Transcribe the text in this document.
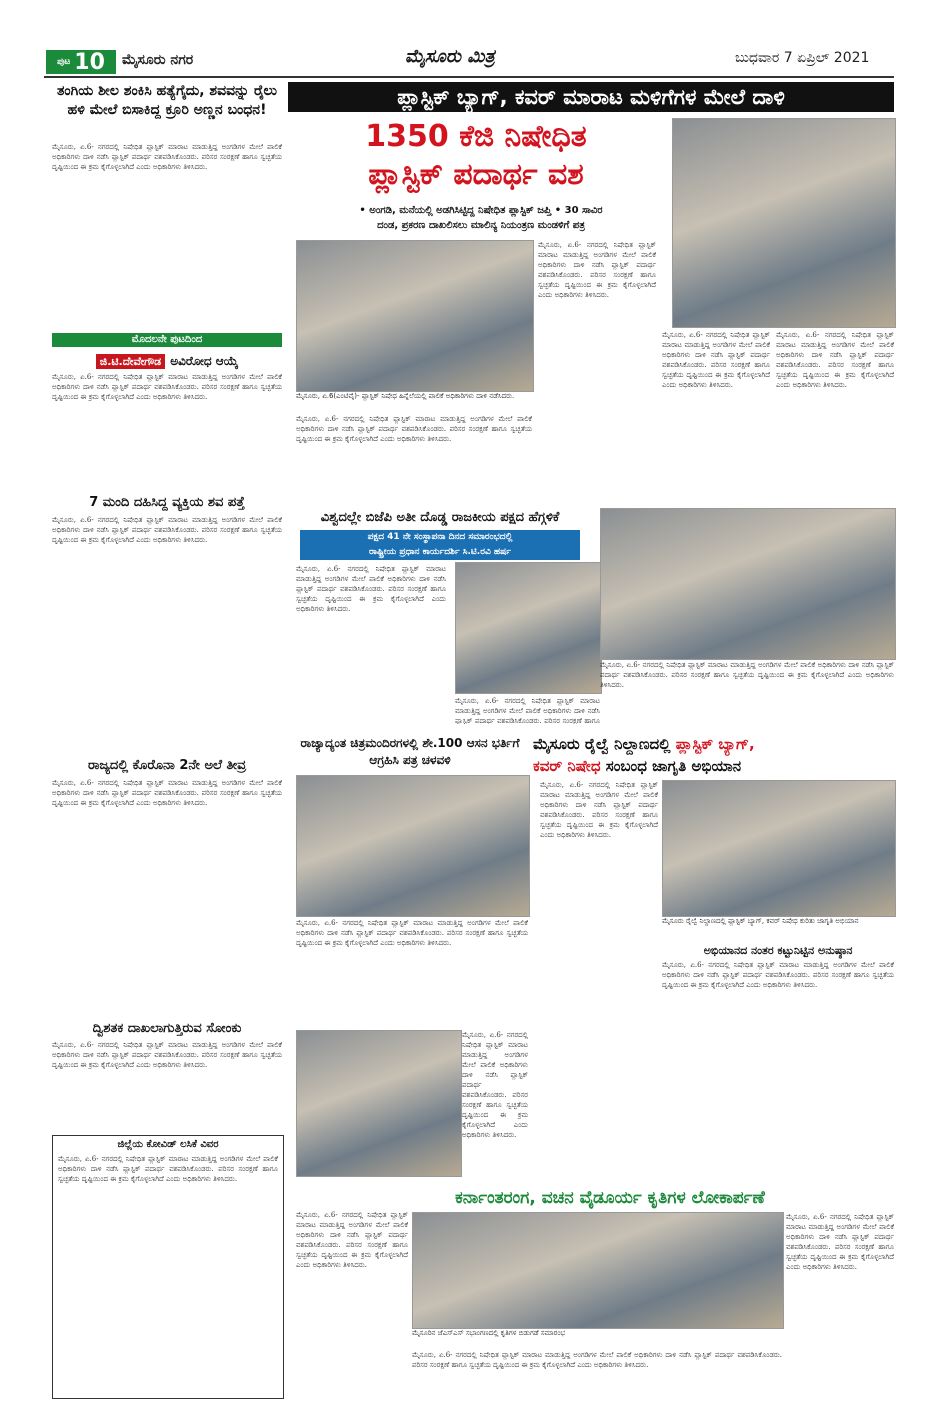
ಪುಟ 10 ಮೈಸೂರು ನಗರ	ಮೈಸೂರು ಮಿತ್ರ	ಬುಧವಾರ 7 ಏಪ್ರಿಲ್ 2021
ತಂಗಿಯ ಶೀಲ ಶಂಕಿಸಿ ಹತ್ಯೆಗೈದು, ಶವವನ್ನು ರೈಲು ಹಳಿ ಮೇಲೆ ಬಿಸಾಕಿದ್ದ ಕ್ರೂರಿ ಅಣ್ಣನ ಬಂಧನ!
ಮೈಸೂರು, ಏ.6- ನಗರದಲ್ಲಿ ನಿಷೇಧಿತ ಪ್ಲಾಸ್ಟಿಕ್ ಮಾರಾಟ ಮಾಡುತ್ತಿದ್ದ ಅಂಗಡಿಗಳ ಮೇಲೆ ಪಾಲಿಕೆ ಅಧಿಕಾರಿಗಳು ದಾಳಿ ನಡೆಸಿ ಪ್ಲಾಸ್ಟಿಕ್ ಪದಾರ್ಥ ವಶಪಡಿಸಿಕೊಂಡರು. ಪರಿಸರ ಸಂರಕ್ಷಣೆ ಹಾಗೂ ಸ್ವಚ್ಛತೆಯ ದೃಷ್ಟಿಯಿಂದ ಈ ಕ್ರಮ ಕೈಗೊಳ್ಳಲಾಗಿದೆ ಎಂದು ಅಧಿಕಾರಿಗಳು ತಿಳಿಸಿದರು.
ಮೊದಲನೇ ಪುಟದಿಂದ
ಜಿ.ಟಿ.ದೇವೇಗೌಡ ಅವಿರೋಧ ಆಯ್ಕೆ
ಮೈಸೂರು, ಏ.6- ನಗರದಲ್ಲಿ ನಿಷೇಧಿತ ಪ್ಲಾಸ್ಟಿಕ್ ಮಾರಾಟ ಮಾಡುತ್ತಿದ್ದ ಅಂಗಡಿಗಳ ಮೇಲೆ ಪಾಲಿಕೆ ಅಧಿಕಾರಿಗಳು ದಾಳಿ ನಡೆಸಿ ಪ್ಲಾಸ್ಟಿಕ್ ಪದಾರ್ಥ ವಶಪಡಿಸಿಕೊಂಡರು. ಪರಿಸರ ಸಂರಕ್ಷಣೆ ಹಾಗೂ ಸ್ವಚ್ಛತೆಯ ದೃಷ್ಟಿಯಿಂದ ಈ ಕ್ರಮ ಕೈಗೊಳ್ಳಲಾಗಿದೆ ಎಂದು ಅಧಿಕಾರಿಗಳು ತಿಳಿಸಿದರು.
7 ಮಂದಿ ದಹಿಸಿದ್ದ ವ್ಯಕ್ತಿಯ ಶವ ಪತ್ತೆ
ಮೈಸೂರು, ಏ.6- ನಗರದಲ್ಲಿ ನಿಷೇಧಿತ ಪ್ಲಾಸ್ಟಿಕ್ ಮಾರಾಟ ಮಾಡುತ್ತಿದ್ದ ಅಂಗಡಿಗಳ ಮೇಲೆ ಪಾಲಿಕೆ ಅಧಿಕಾರಿಗಳು ದಾಳಿ ನಡೆಸಿ ಪ್ಲಾಸ್ಟಿಕ್ ಪದಾರ್ಥ ವಶಪಡಿಸಿಕೊಂಡರು. ಪರಿಸರ ಸಂರಕ್ಷಣೆ ಹಾಗೂ ಸ್ವಚ್ಛತೆಯ ದೃಷ್ಟಿಯಿಂದ ಈ ಕ್ರಮ ಕೈಗೊಳ್ಳಲಾಗಿದೆ ಎಂದು ಅಧಿಕಾರಿಗಳು ತಿಳಿಸಿದರು.
ರಾಜ್ಯದಲ್ಲಿ ಕೊರೊನಾ 2ನೇ ಅಲೆ ತೀವ್ರ
ಮೈಸೂರು, ಏ.6- ನಗರದಲ್ಲಿ ನಿಷೇಧಿತ ಪ್ಲಾಸ್ಟಿಕ್ ಮಾರಾಟ ಮಾಡುತ್ತಿದ್ದ ಅಂಗಡಿಗಳ ಮೇಲೆ ಪಾಲಿಕೆ ಅಧಿಕಾರಿಗಳು ದಾಳಿ ನಡೆಸಿ ಪ್ಲಾಸ್ಟಿಕ್ ಪದಾರ್ಥ ವಶಪಡಿಸಿಕೊಂಡರು. ಪರಿಸರ ಸಂರಕ್ಷಣೆ ಹಾಗೂ ಸ್ವಚ್ಛತೆಯ ದೃಷ್ಟಿಯಿಂದ ಈ ಕ್ರಮ ಕೈಗೊಳ್ಳಲಾಗಿದೆ ಎಂದು ಅಧಿಕಾರಿಗಳು ತಿಳಿಸಿದರು.
ದ್ವಿಶತಕ ದಾಖಲಾಗುತ್ತಿರುವ ಸೋಂಕು
ಮೈಸೂರು, ಏ.6- ನಗರದಲ್ಲಿ ನಿಷೇಧಿತ ಪ್ಲಾಸ್ಟಿಕ್ ಮಾರಾಟ ಮಾಡುತ್ತಿದ್ದ ಅಂಗಡಿಗಳ ಮೇಲೆ ಪಾಲಿಕೆ ಅಧಿಕಾರಿಗಳು ದಾಳಿ ನಡೆಸಿ ಪ್ಲಾಸ್ಟಿಕ್ ಪದಾರ್ಥ ವಶಪಡಿಸಿಕೊಂಡರು. ಪರಿಸರ ಸಂರಕ್ಷಣೆ ಹಾಗೂ ಸ್ವಚ್ಛತೆಯ ದೃಷ್ಟಿಯಿಂದ ಈ ಕ್ರಮ ಕೈಗೊಳ್ಳಲಾಗಿದೆ ಎಂದು ಅಧಿಕಾರಿಗಳು ತಿಳಿಸಿದರು.
ಜಿಲ್ಲೆಯ ಕೋವಿಡ್ ಲಸಿಕೆ ವಿವರ
ಮೈಸೂರು, ಏ.6- ನಗರದಲ್ಲಿ ನಿಷೇಧಿತ ಪ್ಲಾಸ್ಟಿಕ್ ಮಾರಾಟ ಮಾಡುತ್ತಿದ್ದ ಅಂಗಡಿಗಳ ಮೇಲೆ ಪಾಲಿಕೆ ಅಧಿಕಾರಿಗಳು ದಾಳಿ ನಡೆಸಿ ಪ್ಲಾಸ್ಟಿಕ್ ಪದಾರ್ಥ ವಶಪಡಿಸಿಕೊಂಡರು. ಪರಿಸರ ಸಂರಕ್ಷಣೆ ಹಾಗೂ ಸ್ವಚ್ಛತೆಯ ದೃಷ್ಟಿಯಿಂದ ಈ ಕ್ರಮ ಕೈಗೊಳ್ಳಲಾಗಿದೆ ಎಂದು ಅಧಿಕಾರಿಗಳು ತಿಳಿಸಿದರು.
ಪ್ಲಾಸ್ಟಿಕ್ ಬ್ಯಾಗ್, ಕವರ್ ಮಾರಾಟ ಮಳಿಗೆಗಳ ಮೇಲೆ ದಾಳಿ
1350 ಕೆಜಿ ನಿಷೇಧಿತ
ಪ್ಲಾಸ್ಟಿಕ್ ಪದಾರ್ಥ ವಶ
• ಅಂಗಡಿ, ಮನೆಯಲ್ಲಿ ಅಡಗಿಸಿಟ್ಟಿದ್ದ ನಿಷೇಧಿತ ಪ್ಲಾಸ್ಟಿಕ್ ಜಪ್ತಿ • 30 ಸಾವಿರ
ದಂಡ, ಪ್ರಕರಣ ದಾಖಲಿಸಲು ಮಾಲಿನ್ಯ ನಿಯಂತ್ರಣ ಮಂಡಳಿಗೆ ಪತ್ರ
ಮೈಸೂರು, ಏ.6(ಎಂಟಿವೈ)- ಪ್ಲಾಸ್ಟಿಕ್ ನಿಷೇಧ ಹಿನ್ನೆಲೆಯಲ್ಲಿ ಪಾಲಿಕೆ ಅಧಿಕಾರಿಗಳು ದಾಳಿ ನಡೆಸಿದರು.
ಮೈಸೂರು, ಏ.6- ನಗರದಲ್ಲಿ ನಿಷೇಧಿತ ಪ್ಲಾಸ್ಟಿಕ್ ಮಾರಾಟ ಮಾಡುತ್ತಿದ್ದ ಅಂಗಡಿಗಳ ಮೇಲೆ ಪಾಲಿಕೆ ಅಧಿಕಾರಿಗಳು ದಾಳಿ ನಡೆಸಿ ಪ್ಲಾಸ್ಟಿಕ್ ಪದಾರ್ಥ ವಶಪಡಿಸಿಕೊಂಡರು. ಪರಿಸರ ಸಂರಕ್ಷಣೆ ಹಾಗೂ ಸ್ವಚ್ಛತೆಯ ದೃಷ್ಟಿಯಿಂದ ಈ ಕ್ರಮ ಕೈಗೊಳ್ಳಲಾಗಿದೆ ಎಂದು ಅಧಿಕಾರಿಗಳು ತಿಳಿಸಿದರು.
ಮೈಸೂರು, ಏ.6- ನಗರದಲ್ಲಿ ನಿಷೇಧಿತ ಪ್ಲಾಸ್ಟಿಕ್ ಮಾರಾಟ ಮಾಡುತ್ತಿದ್ದ ಅಂಗಡಿಗಳ ಮೇಲೆ ಪಾಲಿಕೆ ಅಧಿಕಾರಿಗಳು ದಾಳಿ ನಡೆಸಿ ಪ್ಲಾಸ್ಟಿಕ್ ಪದಾರ್ಥ ವಶಪಡಿಸಿಕೊಂಡರು. ಪರಿಸರ ಸಂರಕ್ಷಣೆ ಹಾಗೂ ಸ್ವಚ್ಛತೆಯ ದೃಷ್ಟಿಯಿಂದ ಈ ಕ್ರಮ ಕೈಗೊಳ್ಳಲಾಗಿದೆ ಎಂದು ಅಧಿಕಾರಿಗಳು ತಿಳಿಸಿದರು.
ಮೈಸೂರು, ಏ.6- ನಗರದಲ್ಲಿ ನಿಷೇಧಿತ ಪ್ಲಾಸ್ಟಿಕ್ ಮಾರಾಟ ಮಾಡುತ್ತಿದ್ದ ಅಂಗಡಿಗಳ ಮೇಲೆ ಪಾಲಿಕೆ ಅಧಿಕಾರಿಗಳು ದಾಳಿ ನಡೆಸಿ ಪ್ಲಾಸ್ಟಿಕ್ ಪದಾರ್ಥ ವಶಪಡಿಸಿಕೊಂಡರು. ಪರಿಸರ ಸಂರಕ್ಷಣೆ ಹಾಗೂ ಸ್ವಚ್ಛತೆಯ ದೃಷ್ಟಿಯಿಂದ ಈ ಕ್ರಮ ಕೈಗೊಳ್ಳಲಾಗಿದೆ ಎಂದು ಅಧಿಕಾರಿಗಳು ತಿಳಿಸಿದರು.
ಮೈಸೂರು, ಏ.6- ನಗರದಲ್ಲಿ ನಿಷೇಧಿತ ಪ್ಲಾಸ್ಟಿಕ್ ಮಾರಾಟ ಮಾಡುತ್ತಿದ್ದ ಅಂಗಡಿಗಳ ಮೇಲೆ ಪಾಲಿಕೆ ಅಧಿಕಾರಿಗಳು ದಾಳಿ ನಡೆಸಿ ಪ್ಲಾಸ್ಟಿಕ್ ಪದಾರ್ಥ ವಶಪಡಿಸಿಕೊಂಡರು. ಪರಿಸರ ಸಂರಕ್ಷಣೆ ಹಾಗೂ ಸ್ವಚ್ಛತೆಯ ದೃಷ್ಟಿಯಿಂದ ಈ ಕ್ರಮ ಕೈಗೊಳ್ಳಲಾಗಿದೆ ಎಂದು ಅಧಿಕಾರಿಗಳು ತಿಳಿಸಿದರು.
ವಿಶ್ವದಲ್ಲೇ ಬಿಜೆಪಿ ಅತೀ ದೊಡ್ಡ ರಾಜಕೀಯ ಪಕ್ಷದ ಹೆಗ್ಗಳಿಕೆ
ಪಕ್ಷದ 41 ನೇ ಸಂಸ್ಥಾಪನಾ ದಿನದ ಸಮಾರಂಭದಲ್ಲಿ
ರಾಷ್ಟ್ರೀಯ ಪ್ರಧಾನ ಕಾರ್ಯದರ್ಶಿ ಸಿ.ಟಿ.ರವಿ ಹರ್ಷ
ಮೈಸೂರು, ಏ.6- ನಗರದಲ್ಲಿ ನಿಷೇಧಿತ ಪ್ಲಾಸ್ಟಿಕ್ ಮಾರಾಟ ಮಾಡುತ್ತಿದ್ದ ಅಂಗಡಿಗಳ ಮೇಲೆ ಪಾಲಿಕೆ ಅಧಿಕಾರಿಗಳು ದಾಳಿ ನಡೆಸಿ ಪ್ಲಾಸ್ಟಿಕ್ ಪದಾರ್ಥ ವಶಪಡಿಸಿಕೊಂಡರು. ಪರಿಸರ ಸಂರಕ್ಷಣೆ ಹಾಗೂ ಸ್ವಚ್ಛತೆಯ ದೃಷ್ಟಿಯಿಂದ ಈ ಕ್ರಮ ಕೈಗೊಳ್ಳಲಾಗಿದೆ ಎಂದು ಅಧಿಕಾರಿಗಳು ತಿಳಿಸಿದರು.
ಮೈಸೂರು, ಏ.6- ನಗರದಲ್ಲಿ ನಿಷೇಧಿತ ಪ್ಲಾಸ್ಟಿಕ್ ಮಾರಾಟ ಮಾಡುತ್ತಿದ್ದ ಅಂಗಡಿಗಳ ಮೇಲೆ ಪಾಲಿಕೆ ಅಧಿಕಾರಿಗಳು ದಾಳಿ ನಡೆಸಿ ಪ್ಲಾಸ್ಟಿಕ್ ಪದಾರ್ಥ ವಶಪಡಿಸಿಕೊಂಡರು. ಪರಿಸರ ಸಂರಕ್ಷಣೆ ಹಾಗೂ
ಮೈಸೂರು, ಏ.6- ನಗರದಲ್ಲಿ ನಿಷೇಧಿತ ಪ್ಲಾಸ್ಟಿಕ್ ಮಾರಾಟ ಮಾಡುತ್ತಿದ್ದ ಅಂಗಡಿಗಳ ಮೇಲೆ ಪಾಲಿಕೆ ಅಧಿಕಾರಿಗಳು ದಾಳಿ ನಡೆಸಿ ಪ್ಲಾಸ್ಟಿಕ್ ಪದಾರ್ಥ ವಶಪಡಿಸಿಕೊಂಡರು. ಪರಿಸರ ಸಂರಕ್ಷಣೆ ಹಾಗೂ ಸ್ವಚ್ಛತೆಯ ದೃಷ್ಟಿಯಿಂದ ಈ ಕ್ರಮ ಕೈಗೊಳ್ಳಲಾಗಿದೆ ಎಂದು ಅಧಿಕಾರಿಗಳು ತಿಳಿಸಿದರು.
ರಾಜ್ಯಾದ್ಯಂತ ಚಿತ್ರಮಂದಿರಗಳಲ್ಲಿ ಶೇ.100 ಆಸನ ಭರ್ತಿಗೆ ಆಗ್ರಹಿಸಿ ಪತ್ರ ಚಳವಳಿ
ಮೈಸೂರು, ಏ.6- ನಗರದಲ್ಲಿ ನಿಷೇಧಿತ ಪ್ಲಾಸ್ಟಿಕ್ ಮಾರಾಟ ಮಾಡುತ್ತಿದ್ದ ಅಂಗಡಿಗಳ ಮೇಲೆ ಪಾಲಿಕೆ ಅಧಿಕಾರಿಗಳು ದಾಳಿ ನಡೆಸಿ ಪ್ಲಾಸ್ಟಿಕ್ ಪದಾರ್ಥ ವಶಪಡಿಸಿಕೊಂಡರು. ಪರಿಸರ ಸಂರಕ್ಷಣೆ ಹಾಗೂ ಸ್ವಚ್ಛತೆಯ ದೃಷ್ಟಿಯಿಂದ ಈ ಕ್ರಮ ಕೈಗೊಳ್ಳಲಾಗಿದೆ ಎಂದು ಅಧಿಕಾರಿಗಳು ತಿಳಿಸಿದರು.
ಮೈಸೂರು, ಏ.6- ನಗರದಲ್ಲಿ ನಿಷೇಧಿತ ಪ್ಲಾಸ್ಟಿಕ್ ಮಾರಾಟ ಮಾಡುತ್ತಿದ್ದ ಅಂಗಡಿಗಳ ಮೇಲೆ ಪಾಲಿಕೆ ಅಧಿಕಾರಿಗಳು ದಾಳಿ ನಡೆಸಿ ಪ್ಲಾಸ್ಟಿಕ್ ಪದಾರ್ಥ ವಶಪಡಿಸಿಕೊಂಡರು. ಪರಿಸರ ಸಂರಕ್ಷಣೆ ಹಾಗೂ ಸ್ವಚ್ಛತೆಯ ದೃಷ್ಟಿಯಿಂದ ಈ ಕ್ರಮ ಕೈಗೊಳ್ಳಲಾಗಿದೆ ಎಂದು ಅಧಿಕಾರಿಗಳು ತಿಳಿಸಿದರು.
ಮೈಸೂರು ರೈಲ್ವೆ ನಿಲ್ದಾಣದಲ್ಲಿ ಪ್ಲಾಸ್ಟಿಕ್ ಬ್ಯಾಗ್,
ಕವರ್ ನಿಷೇಧ ಸಂಬಂಧ ಜಾಗೃತಿ ಅಭಿಯಾನ
ಮೈಸೂರು, ಏ.6- ನಗರದಲ್ಲಿ ನಿಷೇಧಿತ ಪ್ಲಾಸ್ಟಿಕ್ ಮಾರಾಟ ಮಾಡುತ್ತಿದ್ದ ಅಂಗಡಿಗಳ ಮೇಲೆ ಪಾಲಿಕೆ ಅಧಿಕಾರಿಗಳು ದಾಳಿ ನಡೆಸಿ ಪ್ಲಾಸ್ಟಿಕ್ ಪದಾರ್ಥ ವಶಪಡಿಸಿಕೊಂಡರು. ಪರಿಸರ ಸಂರಕ್ಷಣೆ ಹಾಗೂ ಸ್ವಚ್ಛತೆಯ ದೃಷ್ಟಿಯಿಂದ ಈ ಕ್ರಮ ಕೈಗೊಳ್ಳಲಾಗಿದೆ ಎಂದು ಅಧಿಕಾರಿಗಳು ತಿಳಿಸಿದರು.
ಮೈಸೂರು ರೈಲ್ವೆ ನಿಲ್ದಾಣದಲ್ಲಿ ಪ್ಲಾಸ್ಟಿಕ್ ಬ್ಯಾಗ್, ಕವರ್ ನಿಷೇಧ ಕುರಿತು ಜಾಗೃತಿ ಅಭಿಯಾನ
ಅಭಿಯಾನದ ನಂತರ ಕಟ್ಟುನಿಟ್ಟಿನ ಅನುಷ್ಠಾನ
ಮೈಸೂರು, ಏ.6- ನಗರದಲ್ಲಿ ನಿಷೇಧಿತ ಪ್ಲಾಸ್ಟಿಕ್ ಮಾರಾಟ ಮಾಡುತ್ತಿದ್ದ ಅಂಗಡಿಗಳ ಮೇಲೆ ಪಾಲಿಕೆ ಅಧಿಕಾರಿಗಳು ದಾಳಿ ನಡೆಸಿ ಪ್ಲಾಸ್ಟಿಕ್ ಪದಾರ್ಥ ವಶಪಡಿಸಿಕೊಂಡರು. ಪರಿಸರ ಸಂರಕ್ಷಣೆ ಹಾಗೂ ಸ್ವಚ್ಛತೆಯ ದೃಷ್ಟಿಯಿಂದ ಈ ಕ್ರಮ ಕೈಗೊಳ್ಳಲಾಗಿದೆ ಎಂದು ಅಧಿಕಾರಿಗಳು ತಿಳಿಸಿದರು.
ಕರ್ನಾಂತರಂಗ, ವಚನ ವೈಡೂರ್ಯ ಕೃತಿಗಳ ಲೋಕಾರ್ಪಣೆ
ಮೈಸೂರು, ಏ.6- ನಗರದಲ್ಲಿ ನಿಷೇಧಿತ ಪ್ಲಾಸ್ಟಿಕ್ ಮಾರಾಟ ಮಾಡುತ್ತಿದ್ದ ಅಂಗಡಿಗಳ ಮೇಲೆ ಪಾಲಿಕೆ ಅಧಿಕಾರಿಗಳು ದಾಳಿ ನಡೆಸಿ ಪ್ಲಾಸ್ಟಿಕ್ ಪದಾರ್ಥ ವಶಪಡಿಸಿಕೊಂಡರು. ಪರಿಸರ ಸಂರಕ್ಷಣೆ ಹಾಗೂ ಸ್ವಚ್ಛತೆಯ ದೃಷ್ಟಿಯಿಂದ ಈ ಕ್ರಮ ಕೈಗೊಳ್ಳಲಾಗಿದೆ ಎಂದು ಅಧಿಕಾರಿಗಳು ತಿಳಿಸಿದರು.
ಮೈಸೂರಿನ ಜೆಎಸ್‌ಎಸ್ ಸಭಾಂಗಣದಲ್ಲಿ ಕೃತಿಗಳ ಬಿಡುಗಡೆ ಸಮಾರಂಭ
ಮೈಸೂರು, ಏ.6- ನಗರದಲ್ಲಿ ನಿಷೇಧಿತ ಪ್ಲಾಸ್ಟಿಕ್ ಮಾರಾಟ ಮಾಡುತ್ತಿದ್ದ ಅಂಗಡಿಗಳ ಮೇಲೆ ಪಾಲಿಕೆ ಅಧಿಕಾರಿಗಳು ದಾಳಿ ನಡೆಸಿ ಪ್ಲಾಸ್ಟಿಕ್ ಪದಾರ್ಥ ವಶಪಡಿಸಿಕೊಂಡರು. ಪರಿಸರ ಸಂರಕ್ಷಣೆ ಹಾಗೂ ಸ್ವಚ್ಛತೆಯ ದೃಷ್ಟಿಯಿಂದ ಈ ಕ್ರಮ ಕೈಗೊಳ್ಳಲಾಗಿದೆ ಎಂದು ಅಧಿಕಾರಿಗಳು ತಿಳಿಸಿದರು.
ಮೈಸೂರು, ಏ.6- ನಗರದಲ್ಲಿ ನಿಷೇಧಿತ ಪ್ಲಾಸ್ಟಿಕ್ ಮಾರಾಟ ಮಾಡುತ್ತಿದ್ದ ಅಂಗಡಿಗಳ ಮೇಲೆ ಪಾಲಿಕೆ ಅಧಿಕಾರಿಗಳು ದಾಳಿ ನಡೆಸಿ ಪ್ಲಾಸ್ಟಿಕ್ ಪದಾರ್ಥ ವಶಪಡಿಸಿಕೊಂಡರು. ಪರಿಸರ ಸಂರಕ್ಷಣೆ ಹಾಗೂ ಸ್ವಚ್ಛತೆಯ ದೃಷ್ಟಿಯಿಂದ ಈ ಕ್ರಮ ಕೈಗೊಳ್ಳಲಾಗಿದೆ ಎಂದು ಅಧಿಕಾರಿಗಳು ತಿಳಿಸಿದರು.
